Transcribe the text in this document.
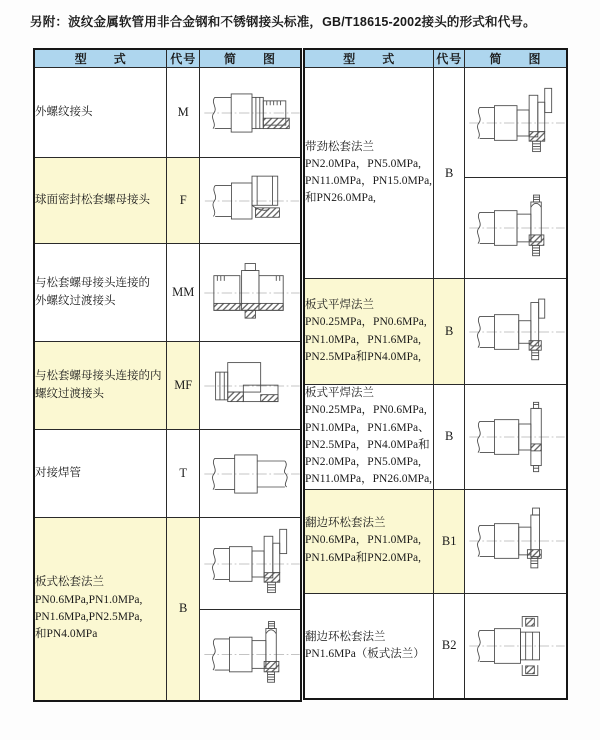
另附：波纹金属软管用非合金钢和不锈钢接头标准，GB/T18615-2002接头的形式和代号。
型　　式	代号	简　　图

外螺纹接头	M	

球面密封松套螺母接头	F	

与松套螺母接头连接的
外螺纹过渡接头	MM	

与松套螺母接头连接的内
螺纹过渡接头	MF	

对接焊管	T	

板式松套法兰
PN0.6MPa,PN1.0MPa,
PN1.6MPa,PN2.5MPa,
和PN4.0MPa	B	

型　　式	代号	简　　图

带劲松套法兰
PN2.0MPa，PN5.0MPa,
PN11.0MPa，PN15.0MPa,
和PN26.0MPa,	B	

板式平焊法兰
PN0.25MPa，PN0.6MPa,
PN1.0MPa，PN1.6MPa,
PN2.5MPa和PN4.0MPa,	B	

板式平焊法兰
PN0.25MPa，PN0.6MPa,
PN1.0MPa，PN1.6MPa、
PN2.5MPa，PN4.0MPa和
PN2.0MPa，PN5.0MPa,
PN11.0MPa，PN26.0MPa,
	B	

翻边环松套法兰
PN0.6MPa，PN1.0MPa,
PN1.6MPa和PN2.0MPa,	B1	

翻边环松套法兰
PN1.6MPa（板式法兰）	B2	
